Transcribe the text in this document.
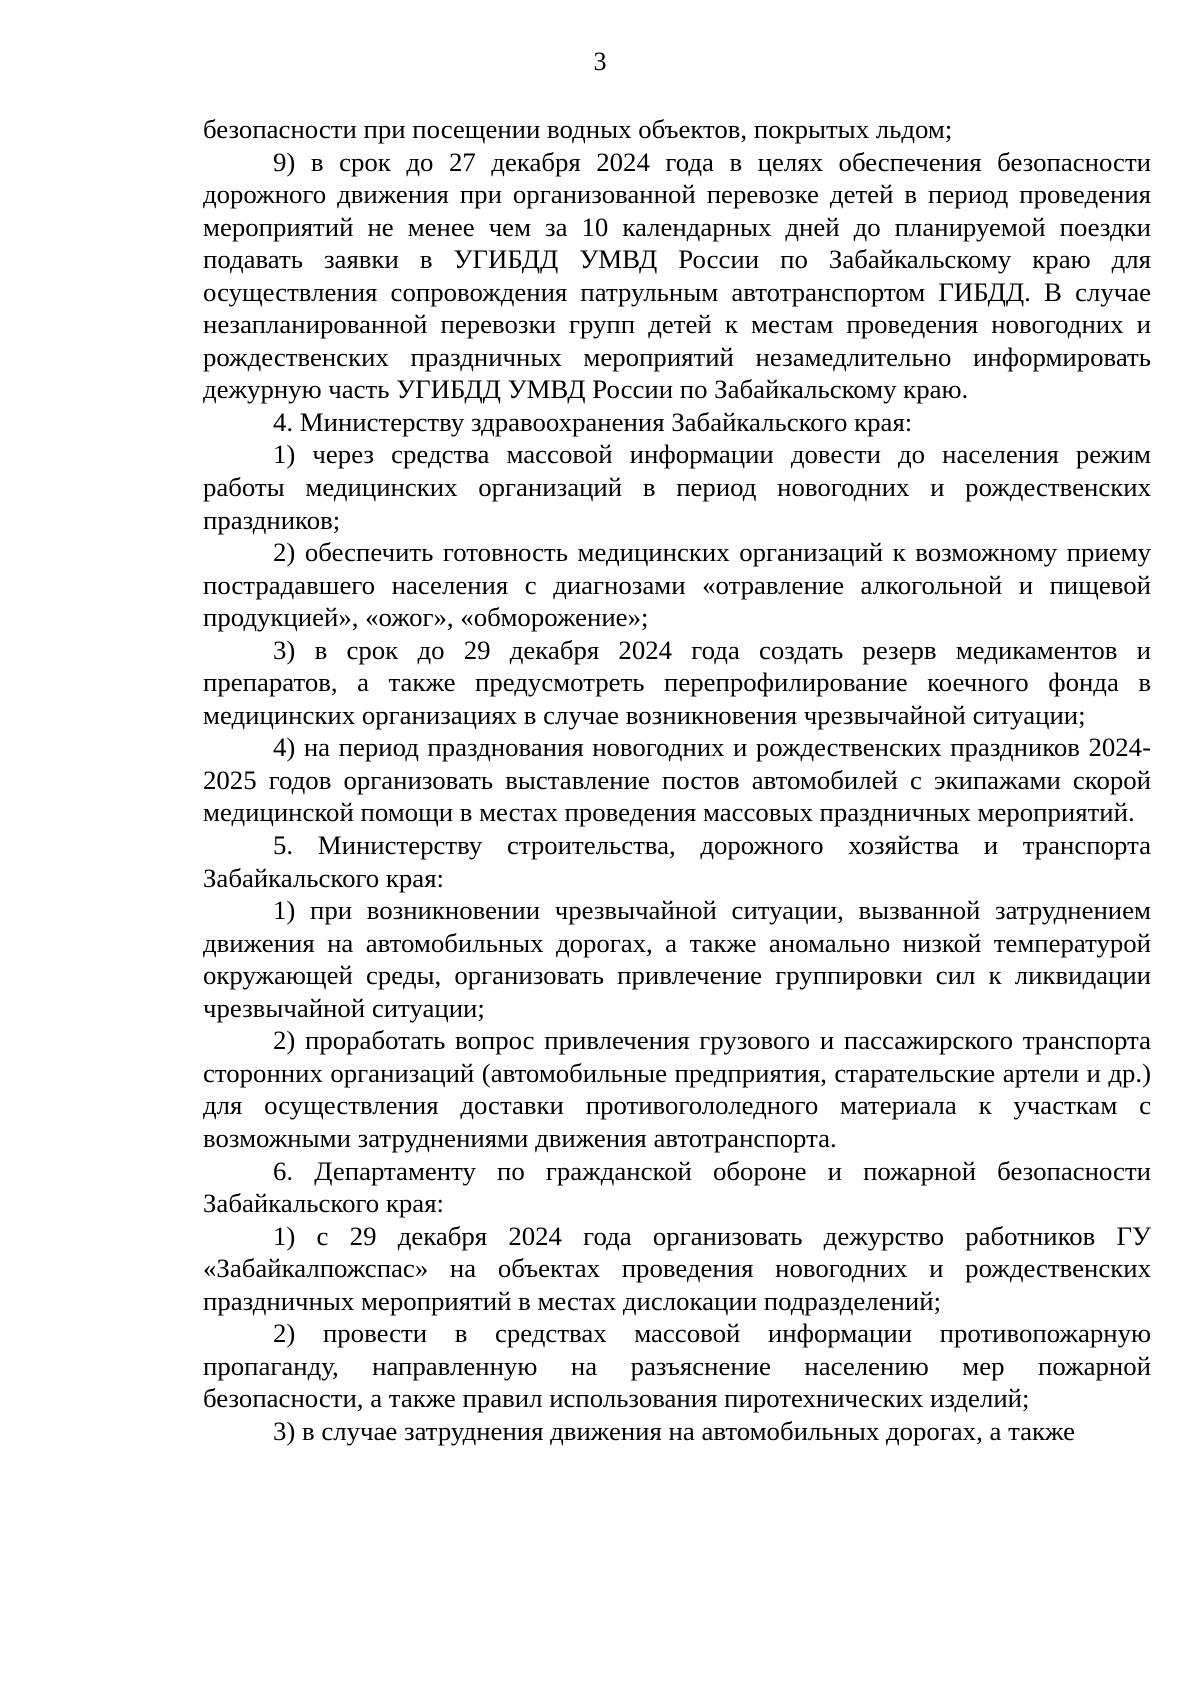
3

безопасности при посещении водных объектов, покрытых льдом;

9) в срок до 27 декабря 2024 года в целях обеспечения безопасности дорожного движения при организованной перевозке детей в период проведения мероприятий не менее чем за 10 календарных дней до планируемой поездки подавать заявки в УГИБДД УМВД России по Забайкальскому краю для осуществления сопровождения патрульным автотранспортом ГИБДД. В случае незапланированной перевозки групп детей к местам проведения новогодних и рождественских праздничных мероприятий незамедлительно информировать дежурную часть УГИБДД УМВД России по Забайкальскому краю.

4. Министерству здравоохранения Забайкальского края:

1) через средства массовой информации довести до населения режим работы медицинских организаций в период новогодних и рождественских праздников;

2) обеспечить готовность медицинских организаций к возможному приему пострадавшего населения с диагнозами «отравление алкогольной и пищевой продукцией», «ожог», «обморожение»;

3) в срок до 29 декабря 2024 года создать резерв медикаментов и препаратов, а также предусмотреть перепрофилирование коечного фонда в медицинских организациях в случае возникновения чрезвычайной ситуации;

4) на период празднования новогодних и рождественских праздников 2024-2025 годов организовать выставление постов автомобилей с экипажами скорой медицинской помощи в местах проведения массовых праздничных мероприятий.

5. Министерству строительства, дорожного хозяйства и транспорта Забайкальского края:

1) при возникновении чрезвычайной ситуации, вызванной затруднением движения на автомобильных дорогах, а также аномально низкой температурой окружающей среды, организовать привлечение группировки сил к ликвидации чрезвычайной ситуации;

2) проработать вопрос привлечения грузового и пассажирского транспорта сторонних организаций (автомобильные предприятия, старательские артели и др.) для осуществления доставки противогололедного материала к участкам с возможными затруднениями движения автотранспорта.

6. Департаменту по гражданской обороне и пожарной безопасности Забайкальского края:

1) с 29 декабря 2024 года организовать дежурство работников ГУ «Забайкалпожспас» на объектах проведения новогодних и рождественских праздничных мероприятий в местах дислокации подразделений;

2) провести в средствах массовой информации противопожарную пропаганду, направленную на разъяснение населению мер пожарной безопасности, а также правил использования пиротехнических изделий;

3) в случае затруднения движения на автомобильных дорогах, а также
